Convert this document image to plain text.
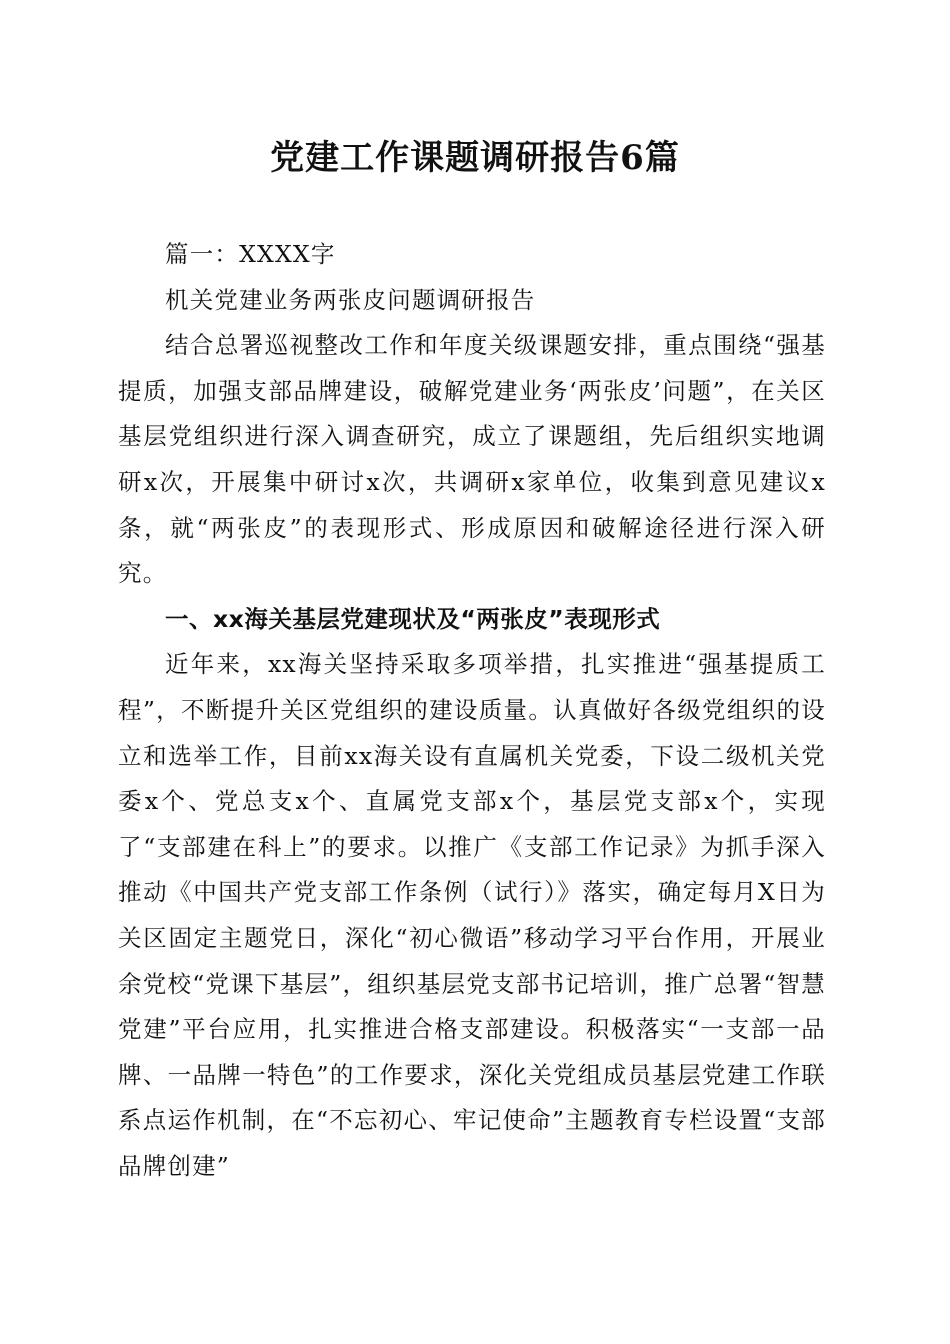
党建工作课题调研报告6篇

篇一：XXXX字

机关党建业务两张皮问题调研报告

结合总署巡视整改工作和年度关级课题安排，重点围绕“强基提质，加强支部品牌建设，破解党建业务‘两张皮’问题”，在关区基层党组织进行深入调查研究，成立了课题组，先后组织实地调研x次，开展集中研讨x次，共调研x家单位，收集到意见建议x条，就“两张皮”的表现形式、形成原因和破解途径进行深入研究。

一、xx海关基层党建现状及“两张皮”表现形式

近年来，xx海关坚持采取多项举措，扎实推进“强基提质工程”，不断提升关区党组织的建设质量。认真做好各级党组织的设立和选举工作，目前xx海关设有直属机关党委，下设二级机关党委x个、党总支x个、直属党支部x个，基层党支部x个，实现了“支部建在科上”的要求。以推广《支部工作记录》为抓手深入推动《中国共产党支部工作条例（试行）》落实，确定每月X日为关区固定主题党日，深化“初心微语”移动学习平台作用，开展业余党校“党课下基层”，组织基层党支部书记培训，推广总署“智慧党建”平台应用，扎实推进合格支部建设。积极落实“一支部一品牌、一品牌一特色”的工作要求，深化关党组成员基层党建工作联系点运作机制，在“不忘初心、牢记使命”主题教育专栏设置“支部品牌创建”
